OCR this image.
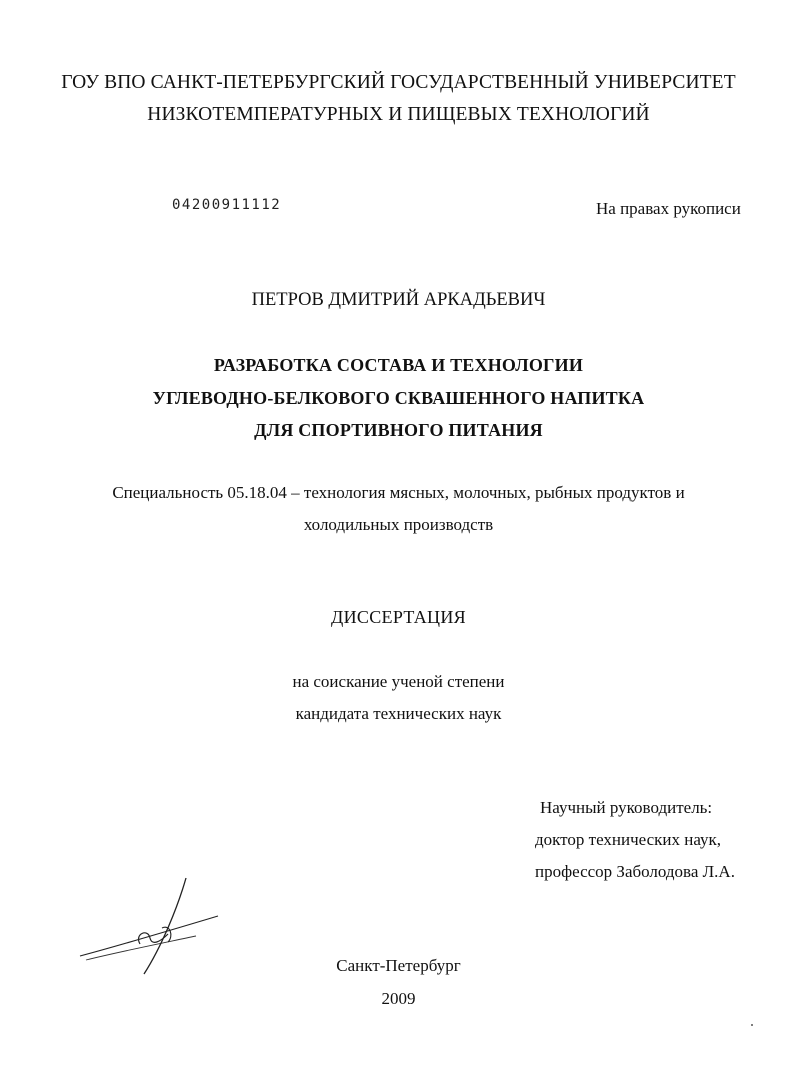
ГОУ ВПО САНКТ-ПЕТЕРБУРГСКИЙ ГОСУДАРСТВЕННЫЙ УНИВЕРСИТЕТ
НИЗКОТЕМПЕРАТУРНЫХ И ПИЩЕВЫХ ТЕХНОЛОГИЙ
04200911112	На правах рукописи
ПЕТРОВ ДМИТРИЙ АРКАДЬЕВИЧ
РАЗРАБОТКА СОСТАВА И ТЕХНОЛОГИИ
УГЛЕВОДНО-БЕЛКОВОГО СКВАШЕННОГО НАПИТКА
ДЛЯ СПОРТИВНОГО ПИТАНИЯ
Специальность 05.18.04 – технология мясных, молочных, рыбных продуктов и
холодильных производств
ДИССЕРТАЦИЯ
на соискание ученой степени
кандидата технических наук
Научный руководитель:
доктор технических наук,
профессор Заболодова Л.А.
Санкт-Петербург
2009
